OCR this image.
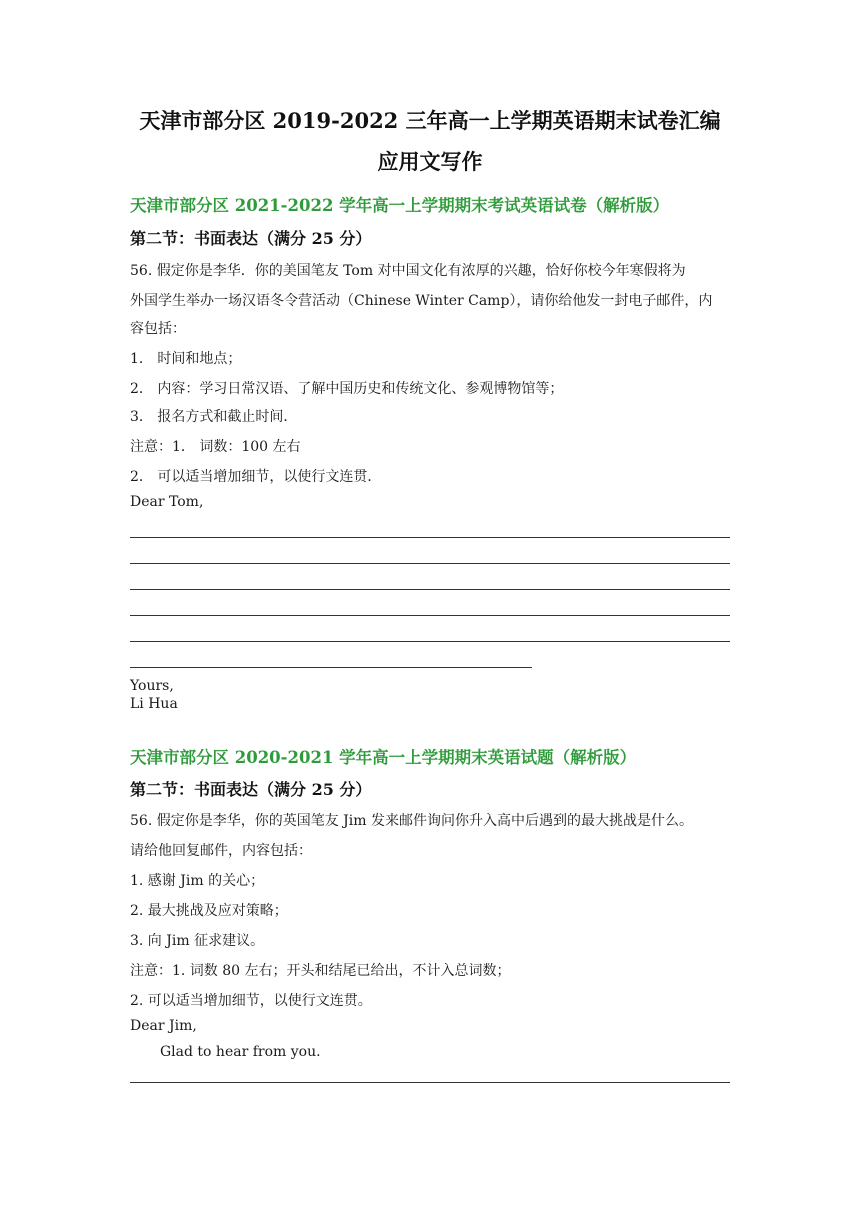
天津市部分区 2019-2022 三年高一上学期英语期末试卷汇编
应用文写作
天津市部分区 2021-2022 学年高一上学期期末考试英语试卷（解析版）
第二节：书面表达（满分 25 分）
56. 假定你是李华．你的美国笔友 Tom 对中国文化有浓厚的兴趣，恰好你校今年寒假将为
外国学生举办一场汉语冬令营活动（Chinese Winter Camp），请你给他发一封电子邮件，内
容包括：
1． 时间和地点；
2． 内容：学习日常汉语、了解中国历史和传统文化、参观博物馆等；
3． 报名方式和截止时间．
注意：1． 词数：100 左右
2． 可以适当增加细节，以使行文连贯．
Dear Tom,
Yours,
Li Hua
天津市部分区 2020-2021 学年高一上学期期末英语试题（解析版）
第二节：书面表达（满分 25 分）
56. 假定你是李华，你的英国笔友 Jim 发来邮件询问你升入高中后遇到的最大挑战是什么。
请给他回复邮件，内容包括：
1. 感谢 Jim 的关心；
2. 最大挑战及应对策略；
3. 向 Jim 征求建议。
注意：1. 词数 80 左右；开头和结尾已给出，不计入总词数；
2. 可以适当增加细节，以使行文连贯。
Dear Jim,
Glad to hear from you.
